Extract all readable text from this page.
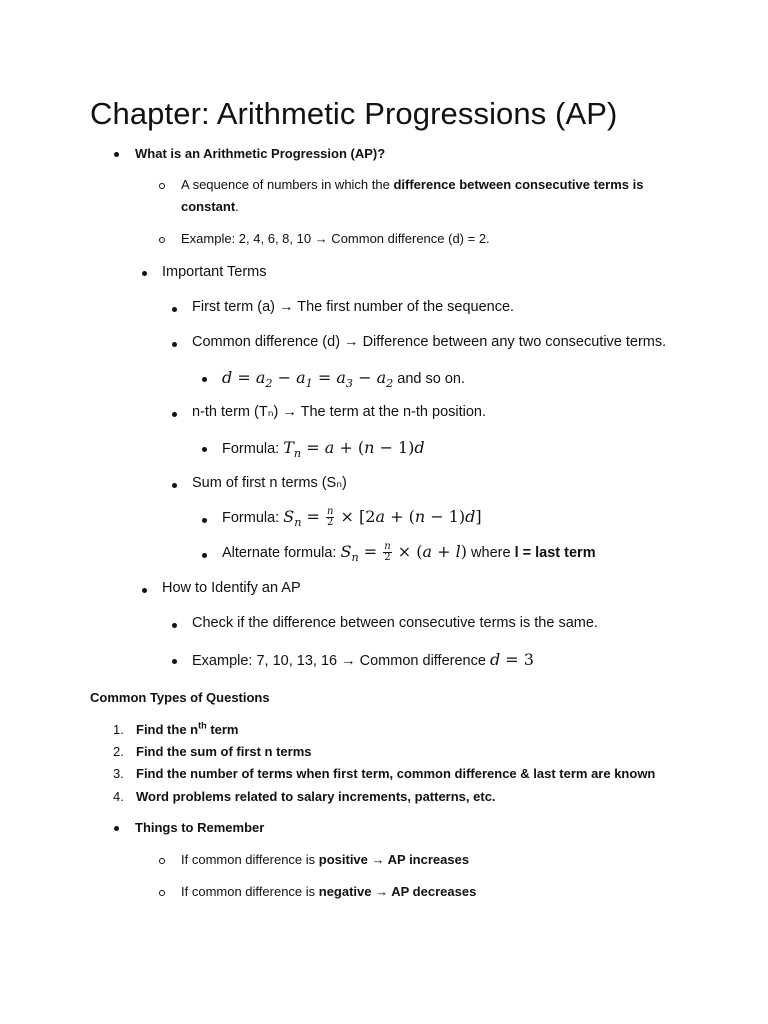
Chapter: Arithmetic Progressions (AP)
What is an Arithmetic Progression (AP)?
A sequence of numbers in which the difference between consecutive terms is
constant.
Example: 2, 4, 6, 8, 10 → Common difference (d) = 2.
Important Terms
First term (a) → The first number of the sequence.
Common difference (d) → Difference between any two consecutive terms.
$d = a_2 - a_1 = a_3 - a_2$ and so on.
n-th term (Tₙ) → The term at the n-th position.
Formula: $T_n = a + (n - 1)d$
Sum of first n terms (Sₙ)
Formula: $S_n = \frac{n}{2} \times [2a + (n - 1)d]$
Alternate formula: $S_n = \frac{n}{2} \times (a + l)$ where l = last term
How to Identify an AP
Check if the difference between consecutive terms is the same.
Example: 7, 10, 13, 16 → Common difference d = 3
Common Types of Questions
1. Find the $n^{th}$ term
2. Find the sum of first n terms
3. Find the number of terms when first term, common difference & last term are known
4. Word problems related to salary increments, patterns, etc.
Things to Remember
If common difference is positive → AP increases
If common difference is negative → AP decreases
